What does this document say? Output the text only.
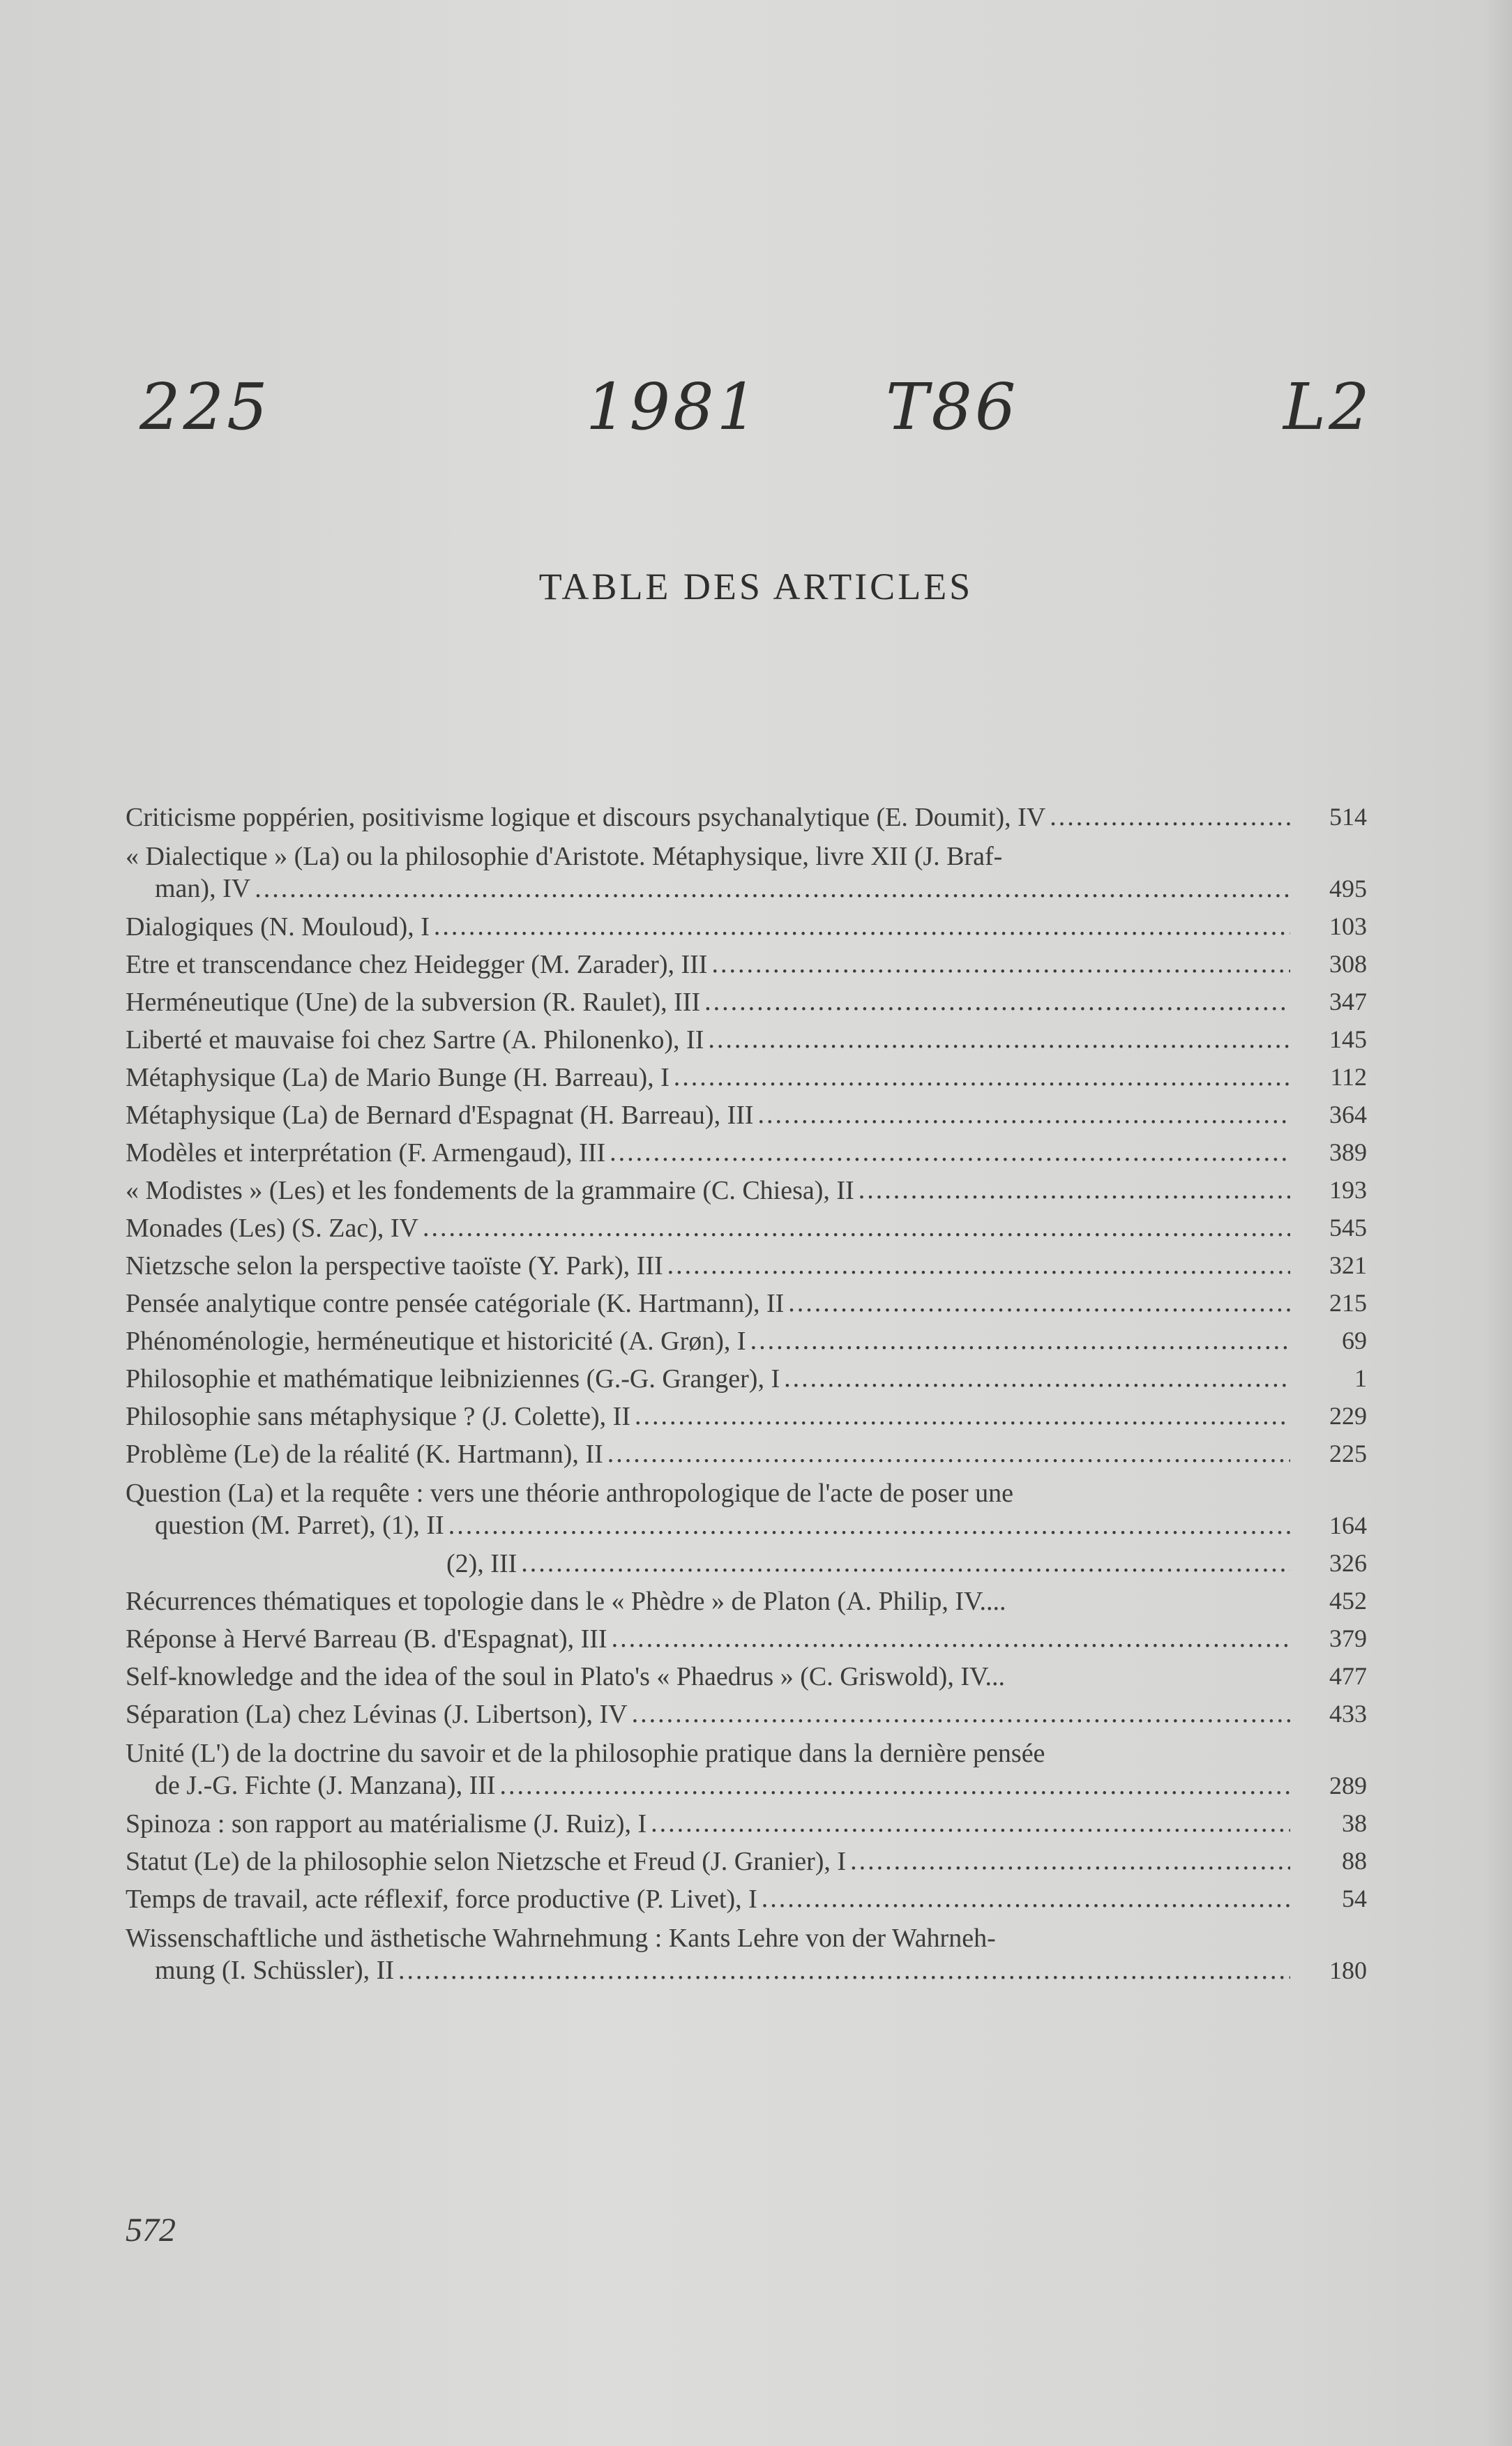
225	1981 T86	L2
TABLE DES ARTICLES
Criticisme poppérien, positivisme logique et discours psychanalytique (E. Doumit), IV .....	514
« Dialectique » (La) ou la philosophie d'Aristote. Métaphysique, livre XII (J. Braf-
man), IV .....	495
Dialogiques (N. Mouloud), I .....	103
Etre et transcendance chez Heidegger (M. Zarader), III .....	308
Herméneutique (Une) de la subversion (R. Raulet), III .....	347
Liberté et mauvaise foi chez Sartre (A. Philonenko), II .....	145
Métaphysique (La) de Mario Bunge (H. Barreau), I .....	112
Métaphysique (La) de Bernard d'Espagnat (H. Barreau), III .....	364
Modèles et interprétation (F. Armengaud), III .....	389
« Modistes » (Les) et les fondements de la grammaire (C. Chiesa), II .....	193
Monades (Les) (S. Zac), IV .....	545
Nietzsche selon la perspective taoïste (Y. Park), III .....	321
Pensée analytique contre pensée catégoriale (K. Hartmann), II .....	215
Phénoménologie, herméneutique et historicité (A. Grøn), I .....	69
Philosophie et mathématique leibniziennes (G.-G. Granger), I .....	1
Philosophie sans métaphysique ? (J. Colette), II .....	229
Problème (Le) de la réalité (K. Hartmann), II .....	225
Question (La) et la requête : vers une théorie anthropologique de l'acte de poser une
question (M. Parret), (1), II .....	164
(2), III .....	326
Récurrences thématiques et topologie dans le « Phèdre » de Platon (A. Philip, IV....	452
Réponse à Hervé Barreau (B. d'Espagnat), III .....	379
Self-knowledge and the idea of the soul in Plato's « Phaedrus » (C. Griswold), IV...	477
Séparation (La) chez Lévinas (J. Libertson), IV .....	433
Unité (L') de la doctrine du savoir et de la philosophie pratique dans la dernière pensée
de J.-G. Fichte (J. Manzana), III .....	289
Spinoza : son rapport au matérialisme (J. Ruiz), I .....	38
Statut (Le) de la philosophie selon Nietzsche et Freud (J. Granier), I .....	88
Temps de travail, acte réflexif, force productive (P. Livet), I .....	54
Wissenschaftliche und ästhetische Wahrnehmung : Kants Lehre von der Wahrneh-
mung (I. Schüssler), II .....	180
572
